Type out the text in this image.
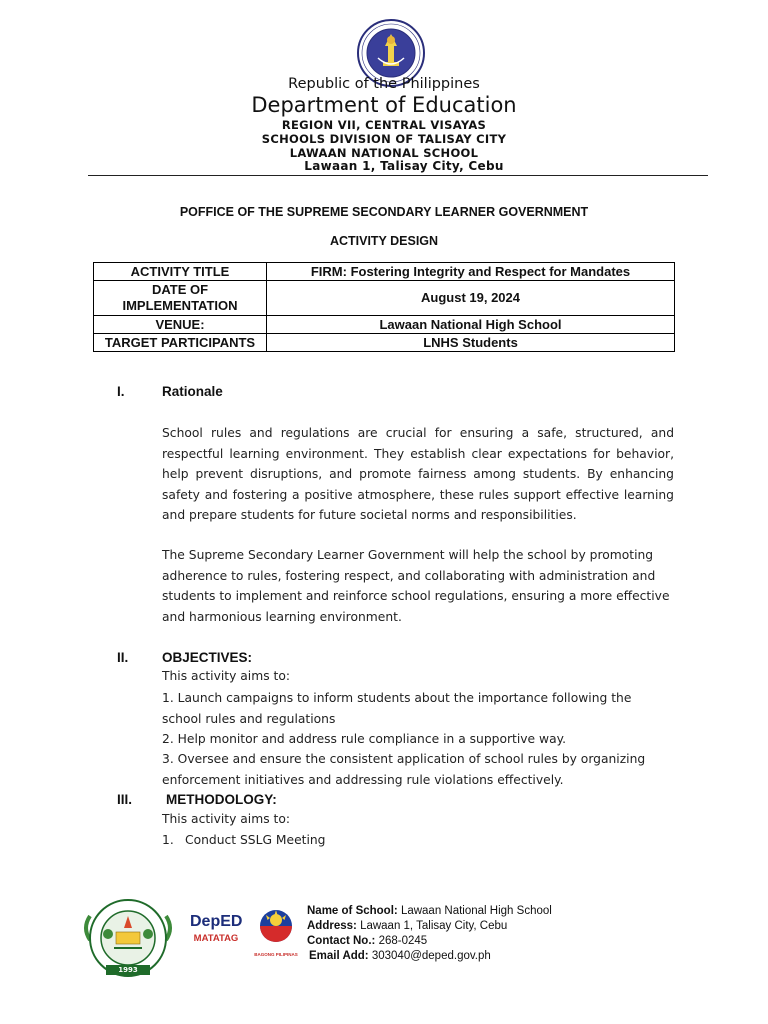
Republic of the Philippines
Department of Education
REGION VII, CENTRAL VISAYAS
SCHOOLS DIVISION OF TALISAY CITY
LAWAAN NATIONAL SCHOOL
Lawaan 1, Talisay City, Cebu
POFFICE OF THE SUPREME SECONDARY LEARNER GOVERNMENT
ACTIVITY DESIGN
ACTIVITY TITLE	FIRM: Fostering Integrity and Respect for Mandates

DATE OF
IMPLEMENTATION	August 19, 2024
VENUE:	Lawaan National High School
TARGET PARTICIPANTS	LNHS Students
I.	Rationale
School rules and regulations are crucial for ensuring a safe, structured, and respectful learning environment. They establish clear expectations for behavior, help prevent disruptions, and promote fairness among students. By enhancing safety and fostering a positive atmosphere, these rules support effective learning and prepare students for future societal norms and responsibilities.
The Supreme Secondary Learner Government will help the school by promoting adherence to rules, fostering respect, and collaborating with administration and students to implement and reinforce school regulations, ensuring a more effective and harmonious learning environment.
II. OBJECTIVES:
This activity aims to:
1. Launch campaigns to inform students about the importance following the school rules and regulations
2. Help monitor and address rule compliance in a supportive way.
3. Oversee and ensure the consistent application of school rules by organizing enforcement initiatives and addressing rule violations effectively.
III.	METHODOLOGY:
This activity aims to:
1. Conduct SSLG Meeting
1993
DepED
MATATAG
BAGONG PILIPINAS
Name of School: Lawaan National High School
Address: Lawaan 1, Talisay City, Cebu
Contact No.: 268-0245
Email Add: 303040@deped.gov.ph
